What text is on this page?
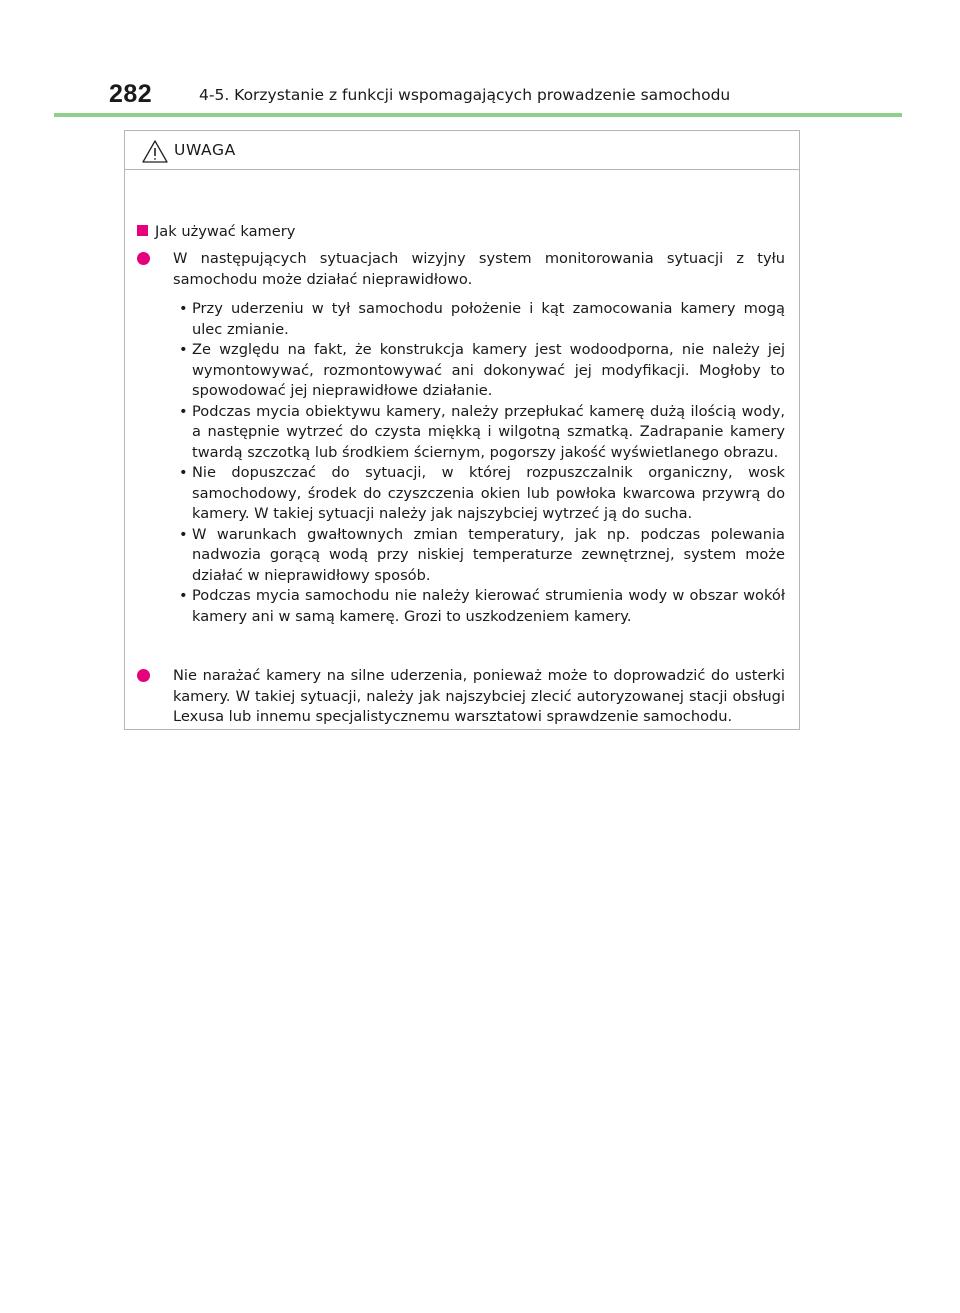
282	4-5. Korzystanie z funkcji wspomagających prowadzenie samochodu
UWAGA
Jak używać kamery
W następujących sytuacjach wizyjny system monitorowania sytuacji z tyłu samochodu może działać nieprawidłowo.
• Przy uderzeniu w tył samochodu położenie i kąt zamocowania kamery mogą ulec zmianie.
• Ze względu na fakt, że konstrukcja kamery jest wodoodporna, nie należy jej wymontowywać, rozmontowywać ani dokonywać jej modyfikacji. Mogłoby to spowodować jej nieprawidłowe działanie.
• Podczas mycia obiektywu kamery, należy przepłukać kamerę dużą ilością wody, a następnie wytrzeć do czysta miękką i wilgotną szmatką. Zadrapanie kamery twardą szczotką lub środkiem ściernym, pogorszy jakość wyświetlanego obrazu.
• Nie dopuszczać do sytuacji, w której rozpuszczalnik organiczny, wosk samochodowy, środek do czyszczenia okien lub powłoka kwarcowa przywrą do kamery. W takiej sytuacji należy jak najszybciej wytrzeć ją do sucha.
• W warunkach gwałtownych zmian temperatury, jak np. podczas polewania nadwozia gorącą wodą przy niskiej temperaturze zewnętrznej, system może działać w nieprawidłowy sposób.
• Podczas mycia samochodu nie należy kierować strumienia wody w obszar wokół kamery ani w samą kamerę. Grozi to uszkodzeniem kamery.
Nie narażać kamery na silne uderzenia, ponieważ może to doprowadzić do usterki kamery. W takiej sytuacji, należy jak najszybciej zlecić autoryzowanej stacji obsługi Lexusa lub innemu specjalistycznemu warsztatowi sprawdzenie samochodu.
